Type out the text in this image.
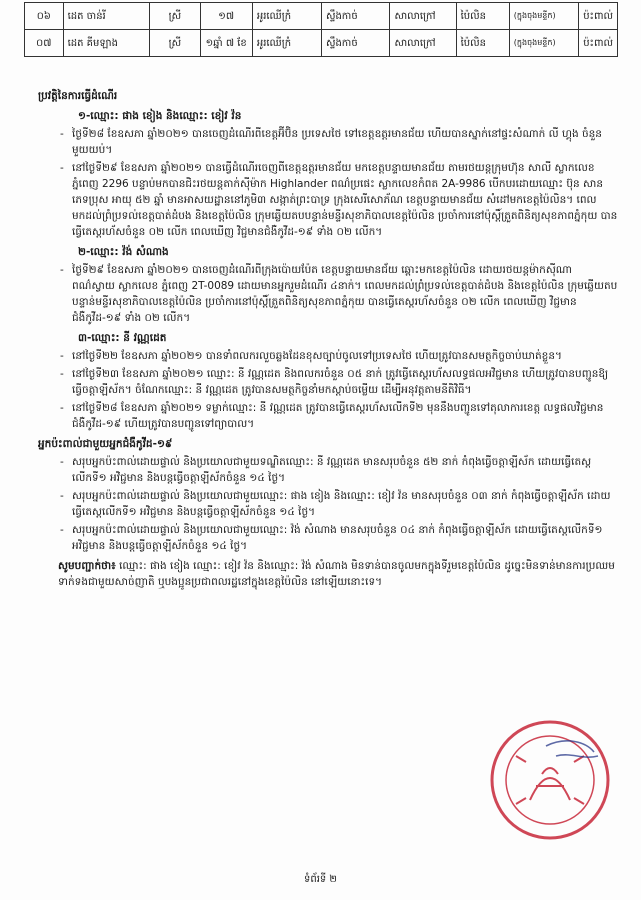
០៦	ដេត ចាន់រី	ស្រី	១៧	អូរឈើក្រំ	ស្ទឹងកាច់	សាលាក្រៅ	ប៉ៃលិន	(ក្នុងចុងមន្ទីក)	ប៉ះពាល់
០៧	ដេត គីមឡាង	ស្រី	១ឆ្នាំ ៧ ខែ	អូរឈើក្រំ	ស្ទឹងកាច់	សាលាក្រៅ	ប៉ៃលិន	(ក្នុងចុងមន្ទីក)	ប៉ះពាល់
ប្រវត្តិនៃការធ្វើដំណើរ
១-ឈ្មោះ: ផាង ខៀង និងឈ្មោះ: ខៀវ វ៉ន
- ថ្ងៃទី២៨ ខែឧសភា ឆ្នាំ២០២១ បានចេញដំណើរពីខេត្តអ៊ីប៊ិន ប្រទេសថៃ ទៅខេត្តឧត្តរមានជ័យ ហើយបានស្នាក់នៅផ្ទះសំណាក់ លី ហ្គុង ចំនួនមួយយប់។
- នៅថ្ងៃទី២៩ ខែឧសភា ឆ្នាំ២០២១ បានធ្វើដំណើរចេញពីខេត្តឧត្តរមានជ័យ មកខេត្តបន្ទាយមានជ័យ តាមរថយន្តក្រុមហ៊ុន សាលី ស្លាកលេខ ភ្នំពេញ 2296 បន្ទាប់មកបានជិះរថយន្តតាក់ស៊ីម៉ាក Highlander ពណ៌ប្រផេះ ស្លាកលេខកំពត 2A-9986 បើកបរដោយឈ្មោះ ប៊ុន សាន ភេទប្រុស អាយុ ៥២ ឆ្នាំ មានអាសយដ្ឋាននៅភូមិ៣ សង្កាត់ព្រះបាទ្រ ក្រុងសេរីសោភ័ណ ខេត្តបន្ទាយមានជ័យ សំដៅមកខេត្តប៉ៃលិន។ ពេលមកដល់ព្រំប្រទល់ខេត្តបាត់ដំបង និងខេត្តប៉ៃលិន ក្រុមឆ្លើយតបបន្ទាន់មន្ទីរសុខាភិបាលខេត្តប៉ៃលិន ប្រចាំការនៅប៉ុស្តិ៍ត្រួតពិនិត្យសុខភាពភ្នំកុយ បានធ្វើតេស្តរហ័សចំនួន ០២ លើក ពេលឃើញ វិជ្ជមានជំងឺកូវីដ-១៩ ទាំង ០២ លើក។
២-ឈ្មោះ: វ៉ង់ សំណាង
- ថ្ងៃទី២៩ ខែឧសភា ឆ្នាំ២០២១ បានចេញដំណើរពីក្រុងប៉ោយប៉ែត ខេត្តបន្ទាយមានជ័យ ឆ្ពោះមកខេត្តប៉ៃលិន ដោយរថយន្តម៉ាកស៊ីណា ពណ៌ស្វាយ ស្លាកលេខ ភ្នំពេញ 2T-0089 ដោយមានអ្នករួមដំណើរ ៤នាក់។ ពេលមកដល់ព្រំប្រទល់ខេត្តបាត់ដំបង និងខេត្តប៉ៃលិន ក្រុមឆ្លើយតបបន្ទាន់មន្ទីរសុខាភិបាលខេត្តប៉ៃលិន ប្រចាំការនៅប៉ុស្តិ៍ត្រួតពិនិត្យសុខភាពភ្នំកុយ បានធ្វើតេស្តរហ័សចំនួន ០២ លើក ពេលឃើញ វិជ្ជមានជំងឺកូវីដ-១៩ ទាំង ០២ លើក។
៣-ឈ្មោះ: នី វណ្ណដេត
- នៅថ្ងៃទី២២ ខែឧសភា ឆ្នាំ២០២១ បានទាំពលករលួចឆ្លងដែនខុសច្បាប់ចូលទៅប្រទេសថៃ ហើយត្រូវបានសមត្ថកិច្ចចាប់ឃាត់ខ្លួន។
- នៅថ្ងៃទី២៣ ខែឧសភា ឆ្នាំ២០២១ ឈ្មោះ: នី វណ្ណដេត និងពលករចំនួន ០៥ នាក់ ត្រូវធ្វើតេស្តរហ័សលទ្ធផលអវិជ្ជមាន ហើយត្រូវបានបញ្ជូនឱ្យធ្វើចត្តាឡីស័ក។ ចំណែកឈ្មោះ: នី វណ្ណដេត ត្រូវបានសមត្ថកិច្ចនាំមកស្តាប់ចម្លើយ ដើម្បីអនុវត្តតាមនីតិវិធី។
- នៅថ្ងៃទី២៨ ខែឧសភា ឆ្នាំ២០២១ ទម្លាក់ឈ្មោះ: នី វណ្ណដេត ត្រូវបានធ្វើតេស្តរហ័សលើកទី២ មុននឹងបញ្ជូនទៅតុលាការខេត្ត លទ្ធផលវិជ្ជមានជំងឺកូវីដ-១៩ ហើយត្រូវបានបញ្ជូនទៅព្យាបាល។
អ្នកប៉ះពាល់ជាមួយអ្នកជំងឺកូវីដ-១៩
- សរុបអ្នកប៉ះពាល់ដោយផ្ទាល់ និងប្រយោលជាមួយទណ្ឌិតឈ្មោះ: នី វណ្ណដេត មានសរុបចំនួន ៥២ នាក់ កំពុងធ្វើចត្តាឡីស័ក ដោយធ្វើតេស្តលើកទី១ អវិជ្ជមាន និងបន្តធ្វើចត្តាឡីស័កចំនួន ១៤ ថ្ងៃ។
- សរុបអ្នកប៉ះពាល់ដោយផ្ទាល់ និងប្រយោលជាមួយឈ្មោះ: ផាង ខៀង និងឈ្មោះ: ខៀវ វ៉ន មានសរុបចំនួន ០៣ នាក់ កំពុងធ្វើចត្តាឡីស័ក ដោយធ្វើតេស្តលើកទី១ អវិជ្ជមាន និងបន្តធ្វើចត្តាឡីស័កចំនួន ១៤ ថ្ងៃ។
- សរុបអ្នកប៉ះពាល់ដោយផ្ទាល់ និងប្រយោលជាមួយឈ្មោះ: វ៉ង់ សំណាង មានសរុបចំនួន ០៤ នាក់ កំពុងធ្វើចត្តាឡីស័ក ដោយធ្វើតេស្តលើកទី១ អវិជ្ជមាន និងបន្តធ្វើចត្តាឡីស័កចំនួន ១៤ ថ្ងៃ។
សូមបញ្ជាក់ថា៖ ឈ្មោះ: ផាង ខៀង ឈ្មោះ: ខៀវ វ៉ន និងឈ្មោះ: វ៉ង់ សំណាង មិនទាន់បានចូលមកក្នុងទីរួមខេត្តប៉ៃលិន ដូច្នេះមិនទាន់មានការប្រឈមទាក់ទងជាមួយសាច់ញាតិ ឬបងប្អូនប្រជាពលរដ្ឋនៅក្នុងខេត្តប៉ៃលិន នៅឡើយនោះទេ។
ទំព័រទី ២
